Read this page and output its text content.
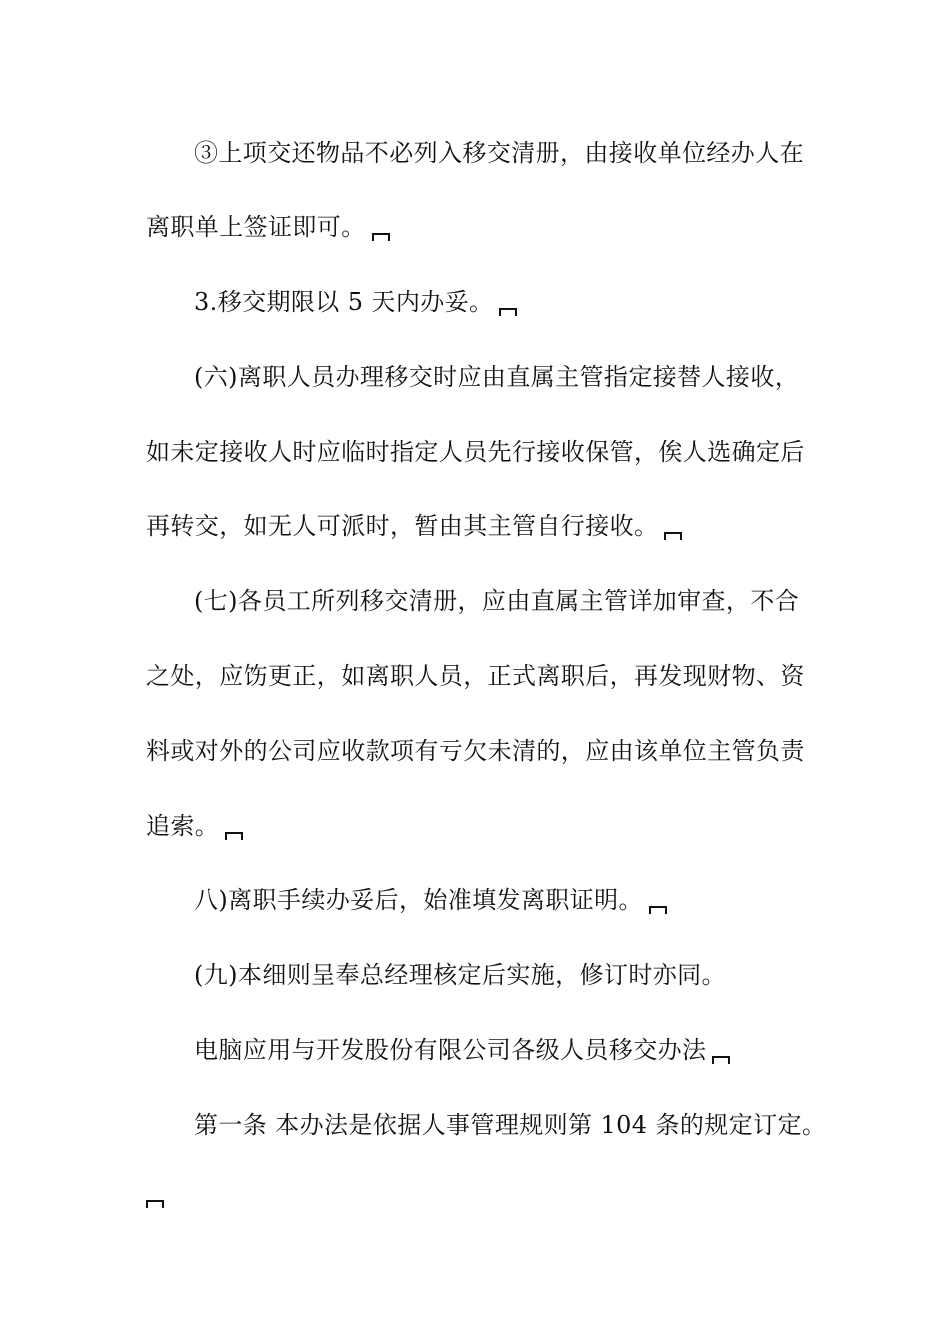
③上项交还物品不必列入移交清册，由接收单位经办人在
离职单上签证即可。
3.移交期限以 5 天内办妥。
(六)离职人员办理移交时应由直属主管指定接替人接收，
如未定接收人时应临时指定人员先行接收保管，俟人选确定后
再转交，如无人可派时，暂由其主管自行接收。
(七)各员工所列移交清册，应由直属主管详加审查，不合
之处，应饬更正，如离职人员，正式离职后，再发现财物、资
料或对外的公司应收款项有亏欠未清的，应由该单位主管负责
追索。
八)离职手续办妥后，始准填发离职证明。
(九)本细则呈奉总经理核定后实施，修订时亦同。
电脑应用与开发股份有限公司各级人员移交办法
第一条 本办法是依据人事管理规则第 104 条的规定订定。
